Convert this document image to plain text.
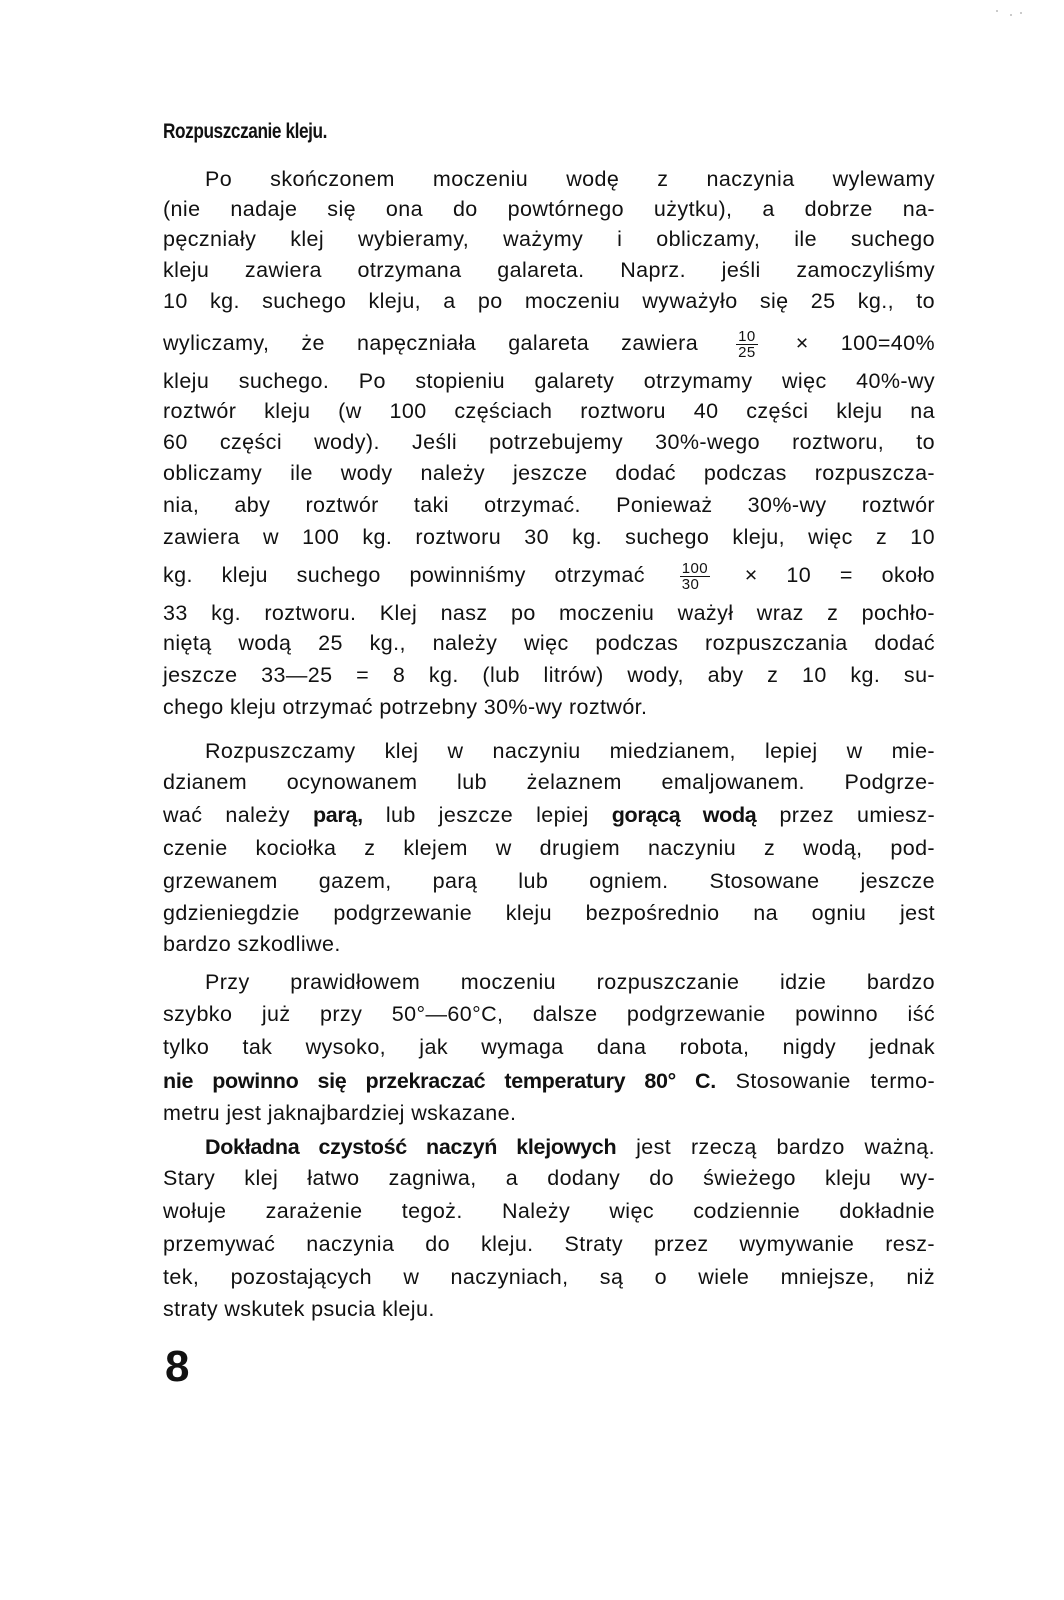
Rozpuszczanie kleju.
Po skończonem moczeniu wodę z naczynia wylewamy
(nie nadaje się ona do powtórnego użytku), a dobrze na-
pęczniały klej wybieramy, ważymy i obliczamy, ile suchego
kleju zawiera otrzymana galareta. Naprz. jeśli zamoczyliśmy
10 kg. suchego kleju, a po moczeniu wyważyło się 25 kg., to
wyliczamy, że napęczniała galareta zawiera	$\frac{10}{25} \times 100=40\%$
kleju suchego. Po stopieniu galarety otrzymamy więc 40%-wy
roztwór kleju (w 100 częściach roztworu 40 części kleju na
60 części wody). Jeśli potrzebujemy 30%-wego roztworu, to
obliczamy ile wody należy jeszcze dodać podczas rozpuszcza-
nia, aby roztwór taki otrzymać. Ponieważ 30%-wy roztwór
zawiera w 100 kg. roztworu 30 kg. suchego kleju, więc z 10
kg. kleju suchego powinniśmy otrzymać $\frac{100}{30} \times 10$ = około
33 kg. roztworu. Klej nasz po moczeniu ważył wraz z pochło-
niętą wodą 25 kg., należy więc podczas rozpuszczania dodać
jeszcze 33—25 = 8 kg. (lub litrów) wody, aby z 10 kg. su-
chego kleju otrzymać potrzebny 30%-wy roztwór.
Rozpuszczamy klej w naczyniu miedzianem, lepiej w mie-
dzianem ocynowanem lub żelaznem emaljowanem. Podgrze-
wać należy parą, lub jeszcze lepiej gorącą wodą przez umiesz-
czenie kociołka z klejem w drugiem naczyniu z wodą, pod-
grzewanem gazem, parą lub ogniem. Stosowane jeszcze
gdzieniegdzie podgrzewanie kleju bezpośrednio na ogniu jest
bardzo szkodliwe.
Przy prawidłowem moczeniu rozpuszczanie idzie bardzo
szybko już przy 50°—60°C, dalsze podgrzewanie powinno iść
tylko tak wysoko, jak wymaga dana robota, nigdy jednak
nie powinno się przekraczać temperatury 80° C. Stosowanie termo-
metru jest jaknajbardziej wskazane.
Dokładna czystość naczyń klejowych jest rzeczą bardzo ważną.
Stary klej łatwo zagniwa, a dodany do świeżego kleju wy-
wołuje zarażenie tegoż. Należy więc codziennie dokładnie
przemywać naczynia do kleju. Straty przez wymywanie resz-
tek, pozostających w naczyniach, są o wiele mniejsze, niż
straty wskutek psucia kleju.
8
